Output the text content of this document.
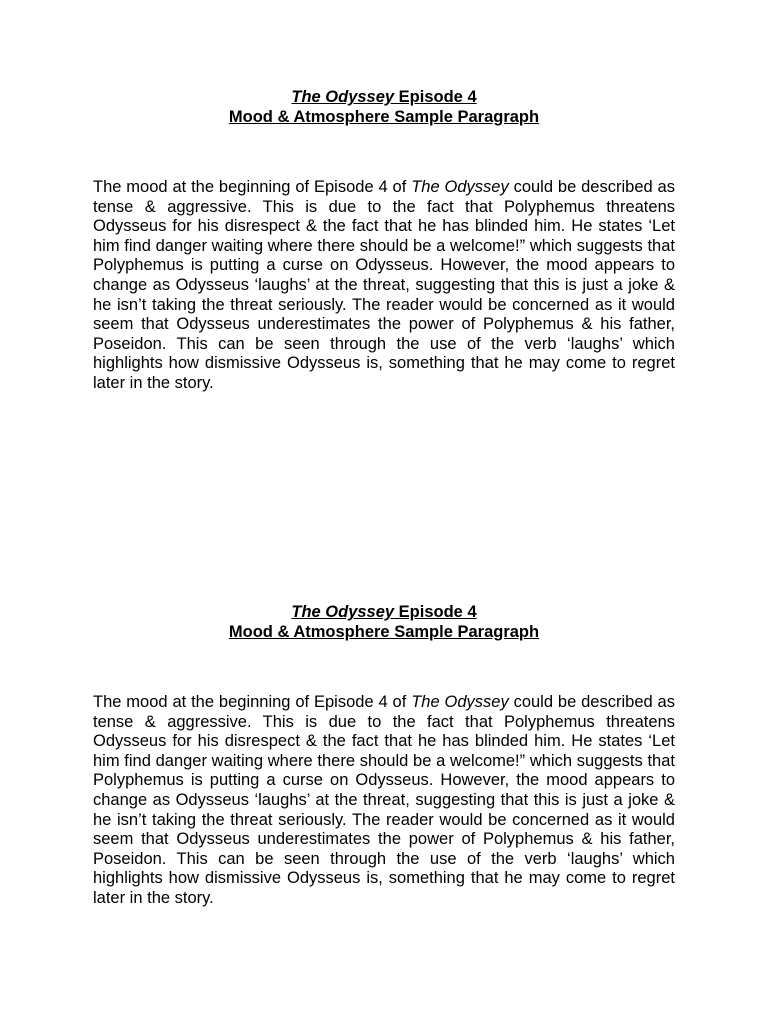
The Odyssey Episode 4
Mood & Atmosphere Sample Paragraph

The mood at the beginning of Episode 4 of The Odyssey could be described as tense & aggressive. This is due to the fact that Polyphemus threatens Odysseus for his disrespect & the fact that he has blinded him. He states ‘Let him find danger waiting where there should be a welcome!” which suggests that Polyphemus is putting a curse on Odysseus. However, the mood appears to change as Odysseus ‘laughs’ at the threat, suggesting that this is just a joke & he isn’t taking the threat seriously. The reader would be concerned as it would seem that Odysseus underestimates the power of Polyphemus & his father, Poseidon. This can be seen through the use of the verb ‘laughs’ which highlights how dismissive Odysseus is, something that he may come to regret later in the story.

The Odyssey Episode 4
Mood & Atmosphere Sample Paragraph

The mood at the beginning of Episode 4 of The Odyssey could be described as tense & aggressive. This is due to the fact that Polyphemus threatens Odysseus for his disrespect & the fact that he has blinded him. He states ‘Let him find danger waiting where there should be a welcome!” which suggests that Polyphemus is putting a curse on Odysseus. However, the mood appears to change as Odysseus ‘laughs’ at the threat, suggesting that this is just a joke & he isn’t taking the threat seriously. The reader would be concerned as it would seem that Odysseus underestimates the power of Polyphemus & his father, Poseidon. This can be seen through the use of the verb ‘laughs’ which highlights how dismissive Odysseus is, something that he may come to regret later in the story.
